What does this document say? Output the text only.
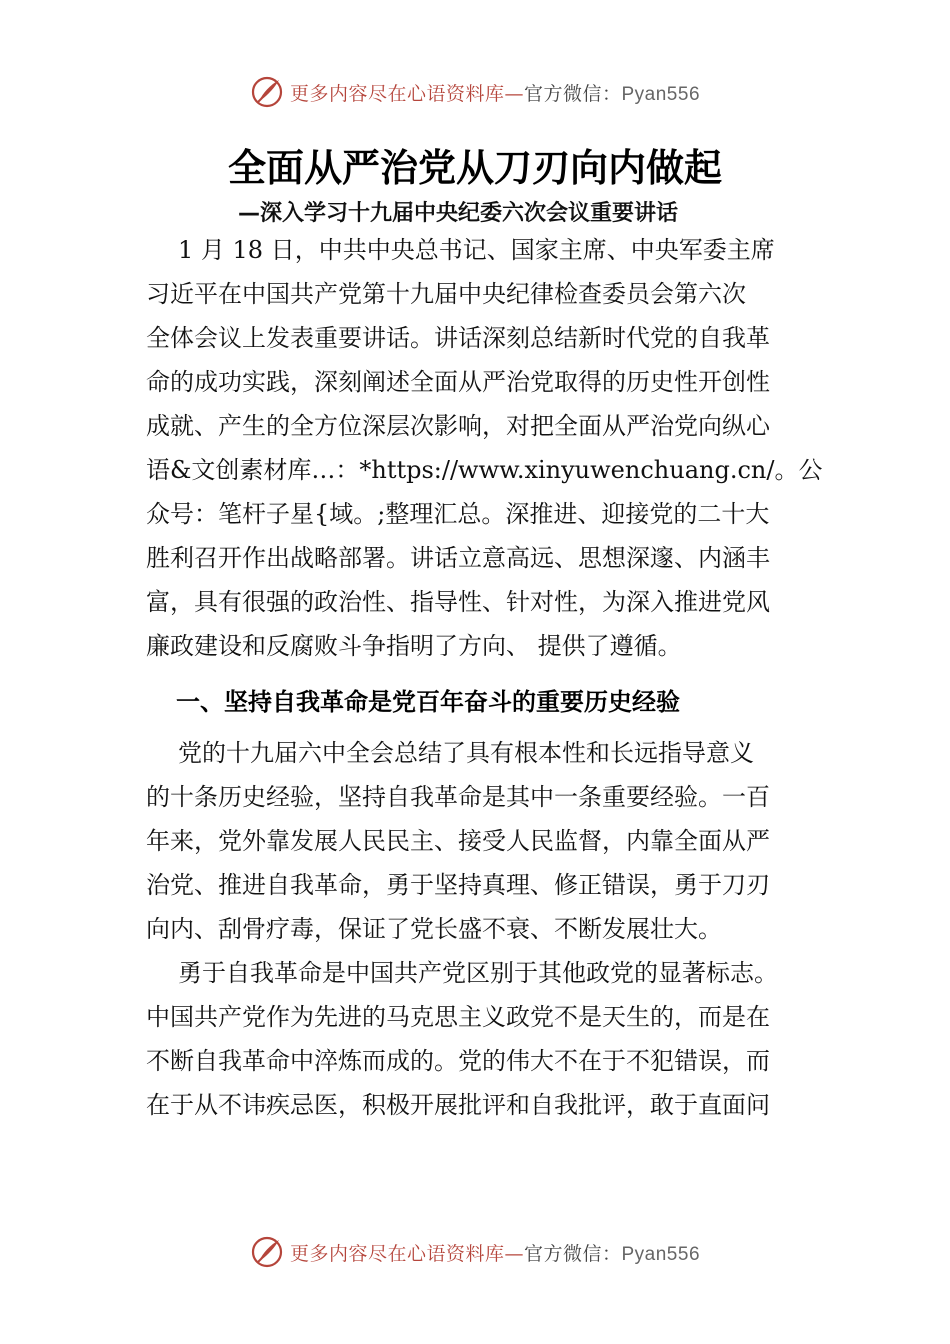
更多内容尽在心语资料库—官方微信：Pyan556
全面从严治党从刀刃向内做起
—深入学习十九届中央纪委六次会议重要讲话
1 月 18 日，中共中央总书记、国家主席、中央军委主席
习近平在中国共产党第十九届中央纪律检查委员会第六次
全体会议上发表重要讲话。讲话深刻总结新时代党的自我革
命的成功实践，深刻阐述全面从严治党取得的历史性开创性
成就、产生的全方位深层次影响，对把全面从严治党向纵心
语&文创素材库…：*https://www.xinyuwenchuang.cn/。公
众号：笔杆子星{域。;整理汇总。深推进、迎接党的二十大
胜利召开作出战略部署。讲话立意高远、思想深邃、内涵丰
富，具有很强的政治性、指导性、针对性，为深入推进党风
廉政建设和反腐败斗争指明了方向、 提供了遵循。
一、坚持自我革命是党百年奋斗的重要历史经验
党的十九届六中全会总结了具有根本性和长远指导意义
的十条历史经验，坚持自我革命是其中一条重要经验。一百
年来，党外靠发展人民民主、接受人民监督，内靠全面从严
治党、推进自我革命，勇于坚持真理、修正错误，勇于刀刃
向内、刮骨疗毒，保证了党长盛不衰、不断发展壮大。
勇于自我革命是中国共产党区别于其他政党的显著标志。
中国共产党作为先进的马克思主义政党不是天生的，而是在
不断自我革命中淬炼而成的。党的伟大不在于不犯错误，而
在于从不讳疾忌医，积极开展批评和自我批评，敢于直面问
更多内容尽在心语资料库—官方微信：Pyan556
